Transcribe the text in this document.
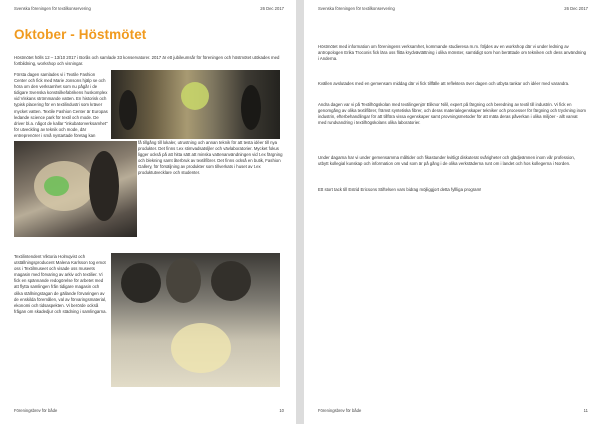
Svenska föreningen för textilkonservering	26 Dec 2017
Oktober - Höstmötet

Höstmötet hölls 12 – 13/10 2017 i Borås och samlade 33 konservatorer. 2017 är ett jubileumsår för föreningen och höstmötet utökades med fortbildning, workshop och visningar.

Första dagen samlades vi i Textile Fashion Center och fick med Marie Jonsons hjälp se och höra om den verksamhet som nu pågår i de tidigare Svenska konstsilkefabrikens huskomplex vid Viskans strömmande vatten. En historisk och typisk placering för en textilindustri som kräver mycket vatten. Textile Fashion Center är Europas ledande science park för textil och mode. De driver bl.a. något de kallar "inkubatorverksamhet" för utveckling av teknik och mode, där entreprenörer i små nystartade företag kan

få tillgång till lokaler, utrustning och annan teknik för att testa idéer till nya produkter. Det finns t.ex stimvadsatsljler och vävlaboratorier. Mycket fokus ligger också på att hitta sätt att minska vattenanvändningen vid t.ex färgning och blekning samt återbruk av textilfibrer. Det finns också en butik, Fashion Gallery, för försäljning av produkter som tillverkats i huset av t.ex produktutvecklare och studenter.

Textilintendent Viktoria Holmqvist och utställningsproducent Malena Karlsson tog emot oss i Textilmuseet och visade oss museets magasin med förvaring av arkiv och textilier. Vi fick en spännande redogörelse för arbetet med att flytta samlingen från tidigare magasin och olika ställningstagan de gällande förvaringen av de enskilda föremålen, val av förvaringsmaterial, ekonomi och tidsaspekten. Vi berörde också frågan om skadedjur och städning i samlingarna.

Föreningsbrev för både	10
Svenska föreningen för textilkonservering	26 Dec 2017

Höstmötet med information om föreningens verksamhet, kommande studieresa m.m. följdes av en workshop där vi under ledning av antropologen Erika Troconis fick lära oss flitta krydvävtättning i olika mönster, samtidigt som hon berättade om tekniken och dess användning i Anderna.

Kvällen avslutades med en gemensam middag där vi fick tillfälle att reflektera över dagen och utbyta tankar och idéer med varandra.

Andra dagen var vi på Textilhögskolan med textilingenjör Eliknor Nilil, expert på färgning och beredning av textil till industrin. Vi fick en genomgång av olika textilfibrer, främst syntetiska fibrer, och deras materialegenskaper tekniker och processer för färgning och tryckning inom industrin, efterbehandlingar för att tillföra vissa egenskaper samt provningsmetoder för att mäta deras påverkan i olika miljöer - allt varvat med rundvandring i textilhögskolans olika laboratorier.

Under dagarna har vi under gemensamma måltider och fikastunder kvitligt diskuterat svårigheter och glädjeämnen inom vår profession, utbytt kollegial kunskap och information om vad som är på gång i de olika verkstäderna runt om i landet och hos kollegerna i Norden.

Ett stort tack till Estrid Ericsons Stiftelsen vars bidrag möjliggjort detta fyllliga program!

Föreningsbrev för både	11
